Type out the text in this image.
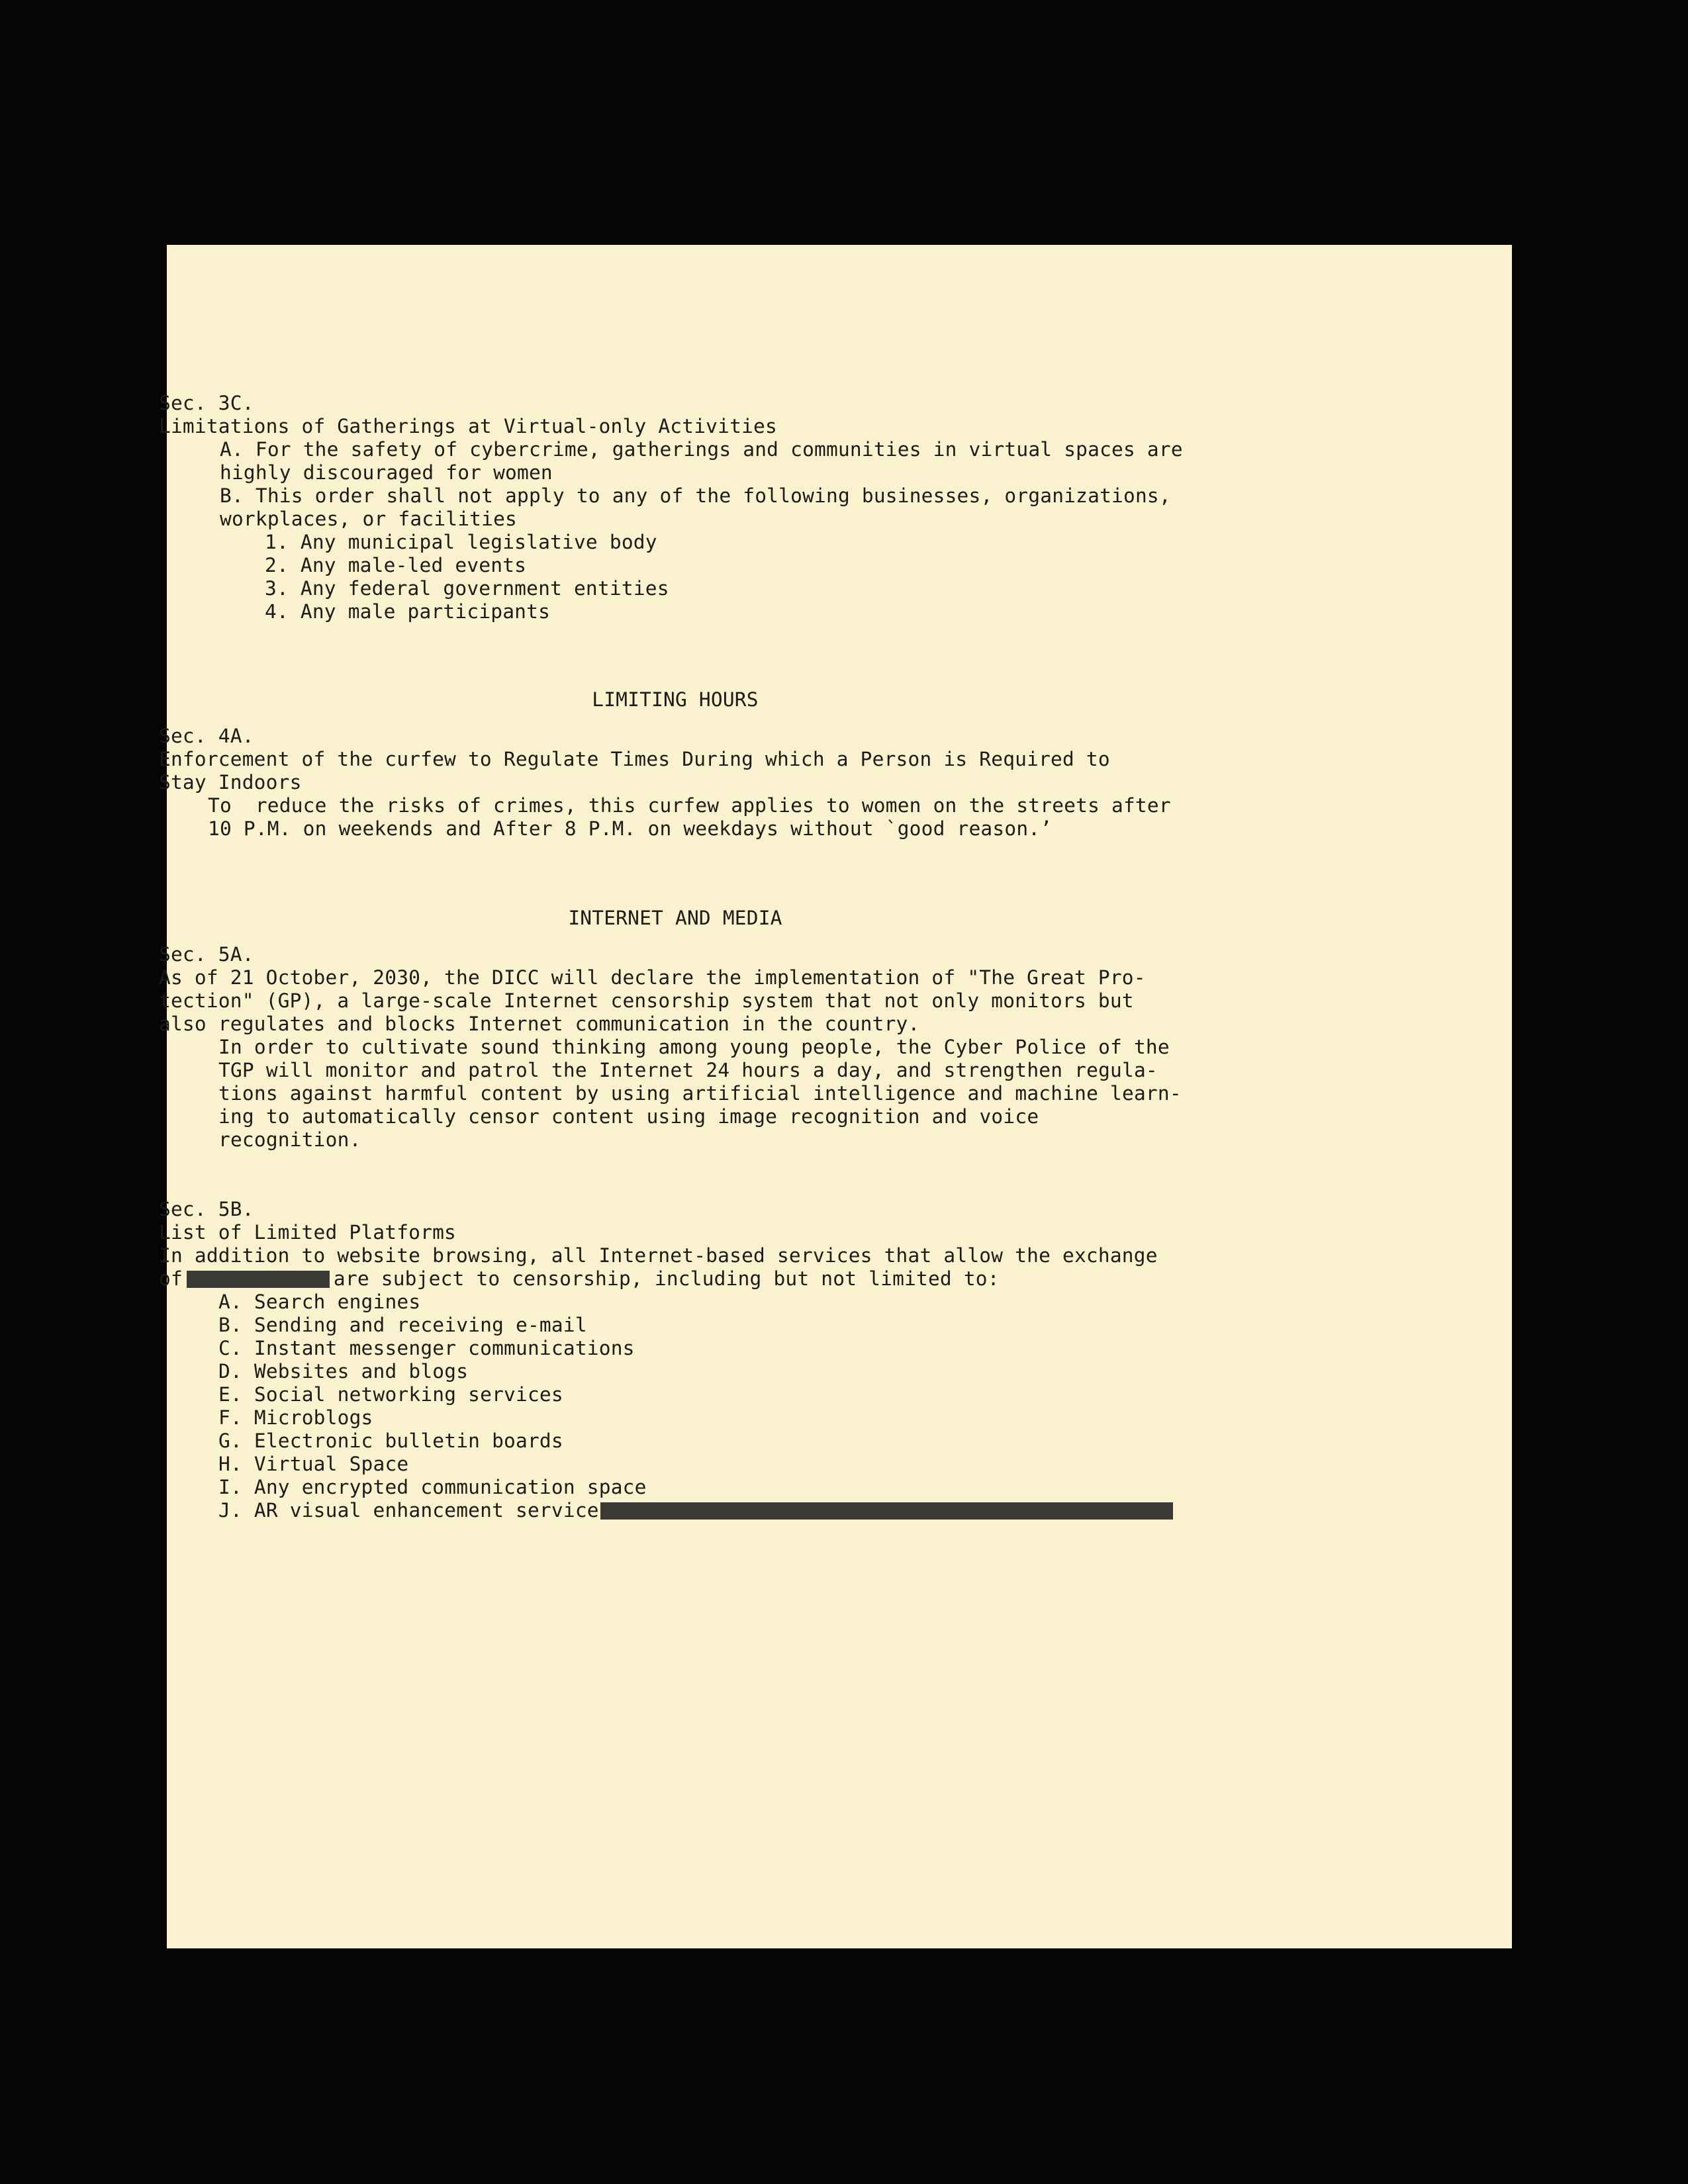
Sec. 3C.
Limitations of Gatherings at Virtual-only Activities
A. For the safety of cybercrime, gatherings and communities in virtual spaces are
highly discouraged for women
B. This order shall not apply to any of the following businesses, organizations,
workplaces, or facilities
1. Any municipal legislative body
2. Any male-led events
3. Any federal government entities
4. Any male participants
LIMITING HOURS
Sec. 4A.
Enforcement of the curfew to Regulate Times During which a Person is Required to
Stay Indoors
To  reduce the risks of crimes, this curfew applies to women on the streets after
10 P.M. on weekends and After 8 P.M. on weekdays without `good reason.’
INTERNET AND MEDIA
Sec. 5A.
As of 21 October, 2030, the DICC will declare the implementation of "The Great Pro-
tection" (GP), a large-scale Internet censorship system that not only monitors but
also regulates and blocks Internet communication in the country.
In order to cultivate sound thinking among young people, the Cyber Police of the
TGP will monitor and patrol the Internet 24 hours a day, and strengthen regula-
tions against harmful content by using artificial intelligence and machine learn-
ing to automatically censor content using image recognition and voice
recognition.
Sec. 5B.
List of Limited Platforms
In addition to website browsing, all Internet-based services that allow the exchange
of	are subject to censorship, including but not limited to:
A. Search engines
B. Sending and receiving e-mail
C. Instant messenger communications
D. Websites and blogs
E. Social networking services
F. Microblogs
G. Electronic bulletin boards
H. Virtual Space
I. Any encrypted communication space
J. AR visual enhancement service
